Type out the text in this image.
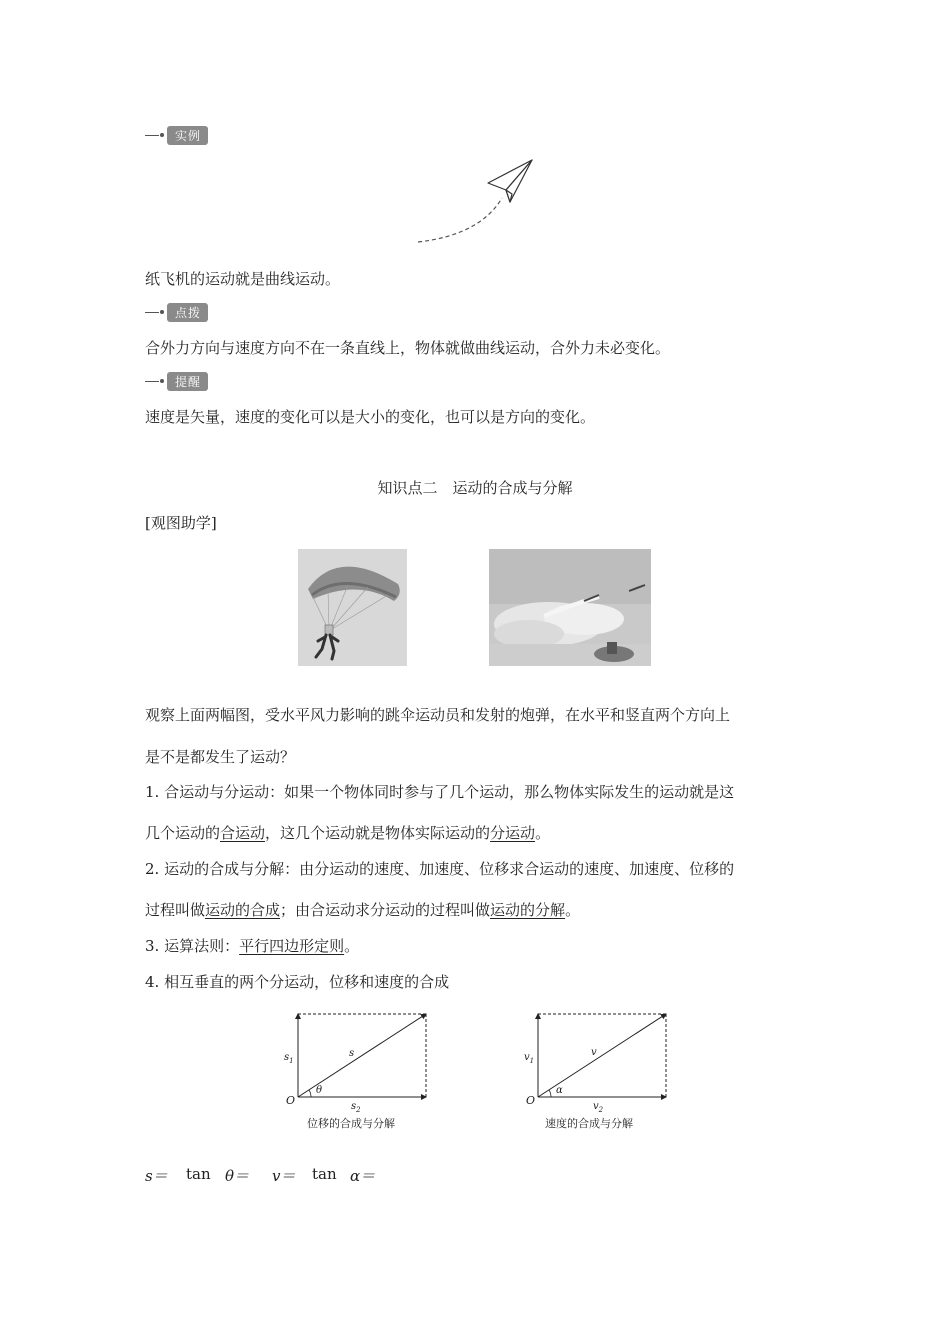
实例
纸飞机的运动就是曲线运动。
点拨
合外力方向与速度方向不在一条直线上，物体就做曲线运动，合外力未必变化。
提醒
速度是矢量，速度的变化可以是大小的变化，也可以是方向的变化。
知识点二　运动的合成与分解
[观图助学]
观察上面两幅图，受水平风力影响的跳伞运动员和发射的炮弹，在水平和竖直两个方向上
是不是都发生了运动？
1. 合运动与分运动：如果一个物体同时参与了几个运动，那么物体实际发生的运动就是这
几个运动的合运动，这几个运动就是物体实际运动的分运动。
2. 运动的合成与分解：由分运动的速度、加速度、位移求合运动的速度、加速度、位移的
过程叫做运动的合成；由合运动求分运动的过程叫做运动的分解。
3. 运算法则：平行四边形定则。
4. 相互垂直的两个分运动，位移和速度的合成
O
$s_1$
$s_2$
s
θ
位移的合成与分解
O
$v_1$
$v_2$
v
α
速度的合成与分解
s＝ tan θ＝ v＝ tan α＝
